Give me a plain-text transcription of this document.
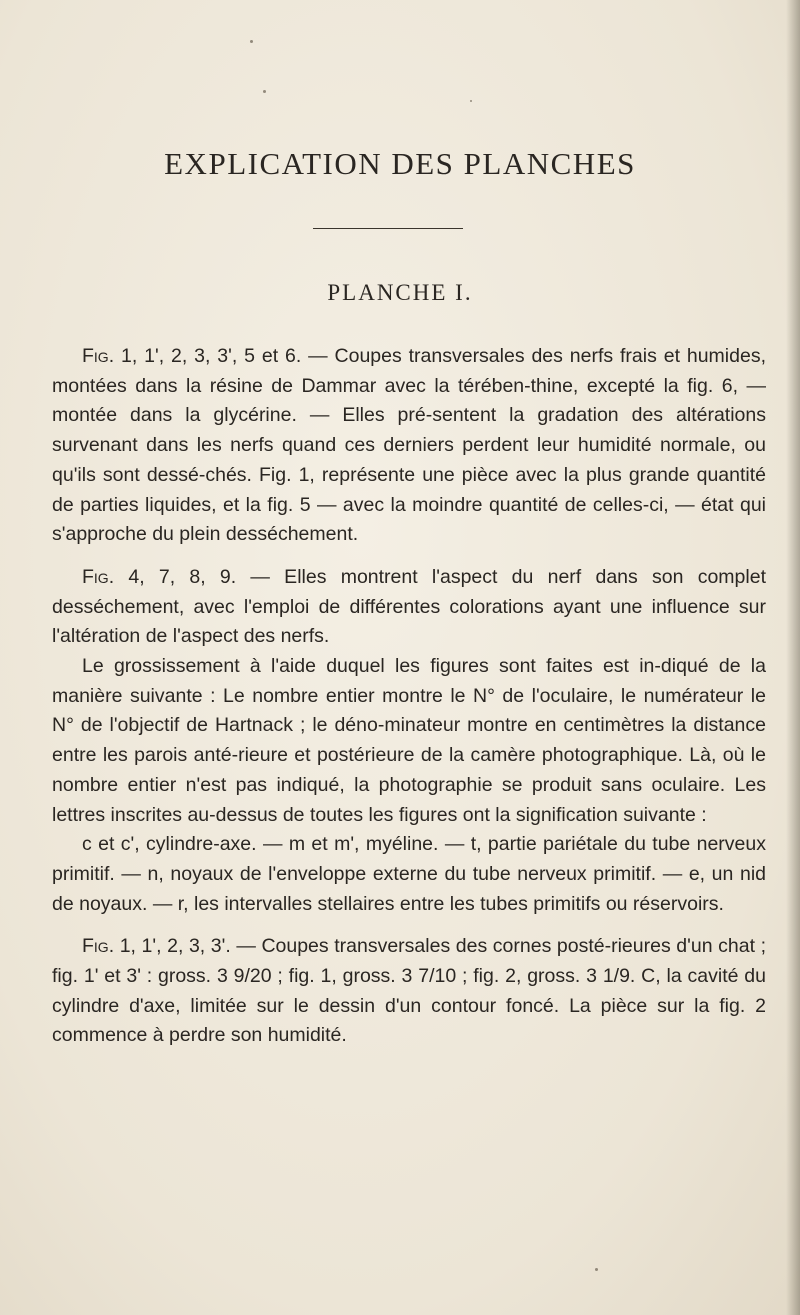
EXPLICATION DES PLANCHES
PLANCHE I.

Fig. 1, 1', 2, 3, 3', 5 et 6. — Coupes transversales des nerfs frais et humides, montées dans la résine de Dammar avec la térében-thine, excepté la fig. 6, — montée dans la glycérine. — Elles pré-sentent la gradation des altérations survenant dans les nerfs quand ces derniers perdent leur humidité normale, ou qu'ils sont dessé-chés. Fig. 1, représente une pièce avec la plus grande quantité de parties liquides, et la fig. 5 — avec la moindre quantité de celles-ci, — état qui s'approche du plein desséchement.

Fig. 4, 7, 8, 9. — Elles montrent l'aspect du nerf dans son complet desséchement, avec l'emploi de différentes colorations ayant une influence sur l'altération de l'aspect des nerfs.

Le grossissement à l'aide duquel les figures sont faites est in-diqué de la manière suivante : Le nombre entier montre le N° de l'oculaire, le numérateur le N° de l'objectif de Hartnack ; le déno-minateur montre en centimètres la distance entre les parois anté-rieure et postérieure de la camère photographique. Là, où le nombre entier n'est pas indiqué, la photographie se produit sans oculaire. Les lettres inscrites au-dessus de toutes les figures ont la signification suivante :

c et c', cylindre-axe. — m et m', myéline. — t, partie pariétale du tube nerveux primitif. — n, noyaux de l'enveloppe externe du tube nerveux primitif. — e, un nid de noyaux. — r, les intervalles stellaires entre les tubes primitifs ou réservoirs.

Fig. 1, 1', 2, 3, 3'. — Coupes transversales des cornes posté-rieures d'un chat ; fig. 1' et 3' : gross. 3 9/20 ; fig. 1, gross. 3 7/10 ; fig. 2, gross. 3 1/9. C, la cavité du cylindre d'axe, limitée sur le dessin d'un contour foncé. La pièce sur la fig. 2 commence à perdre son humidité.
